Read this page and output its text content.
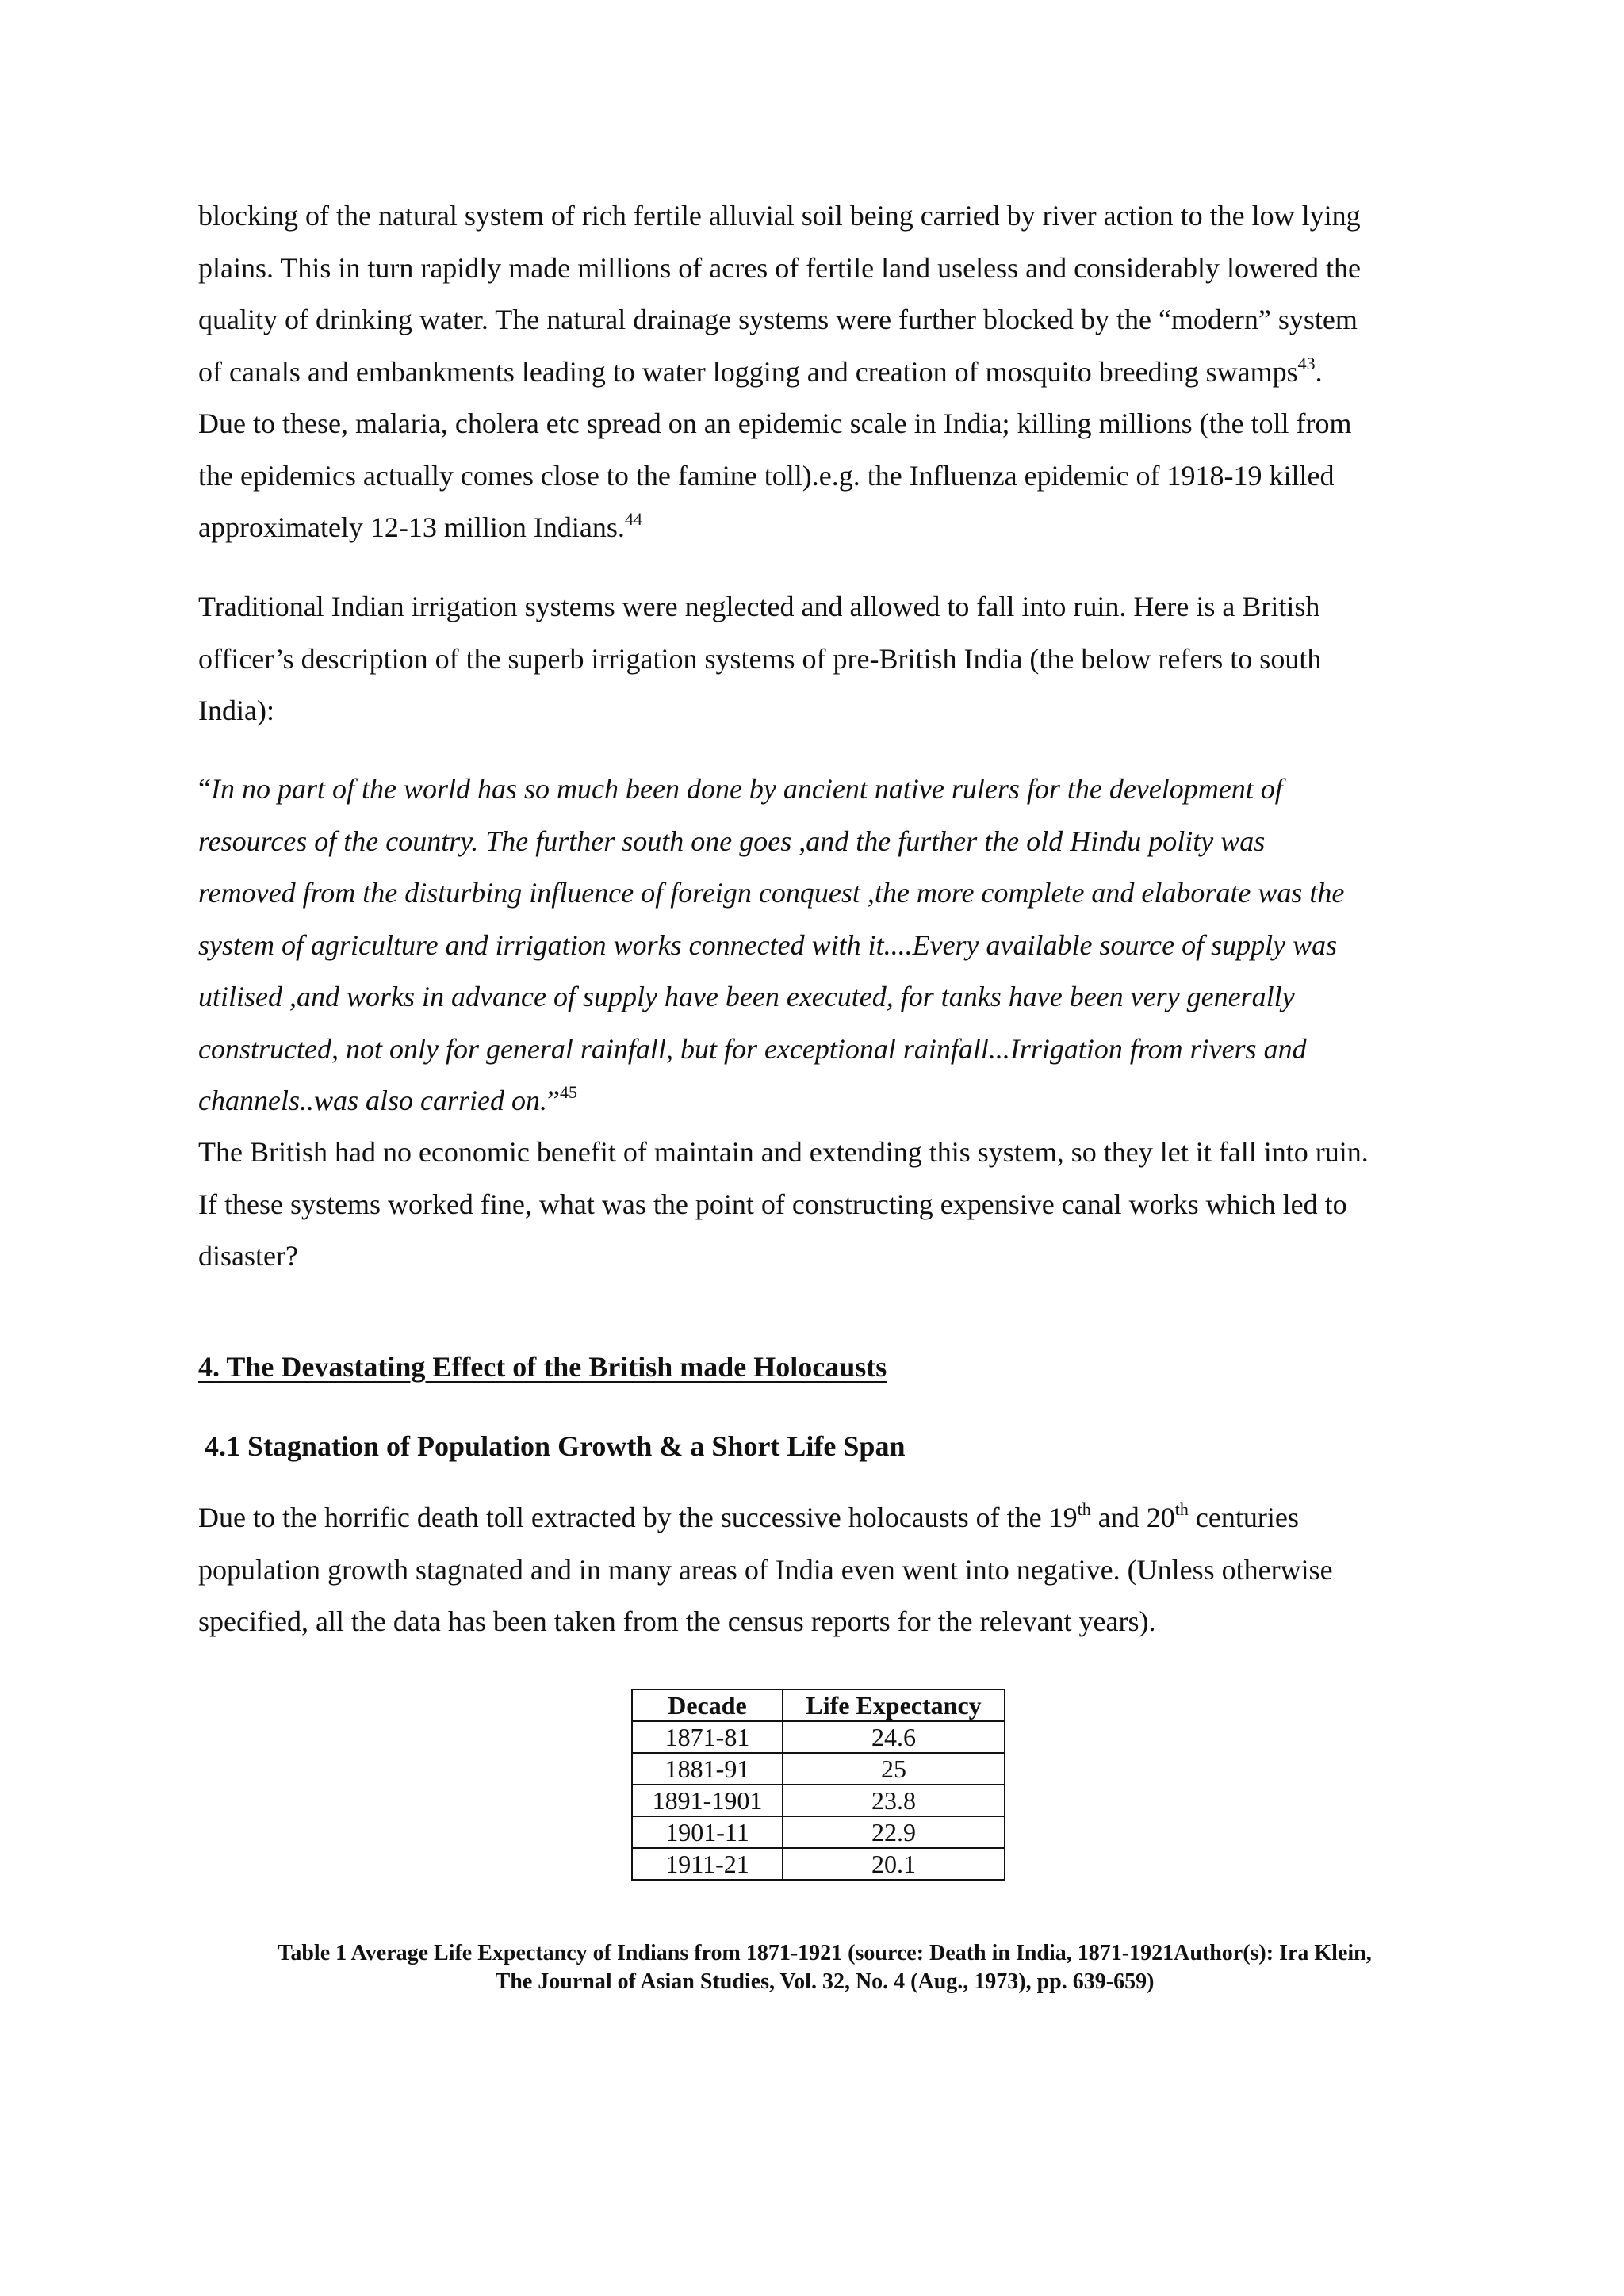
blocking of the natural system of rich fertile alluvial soil being carried by river action to the low lying
plains. This in turn rapidly made millions of acres of fertile land useless and considerably lowered the
quality of drinking water. The natural drainage systems were further blocked by the “modern” system
of canals and embankments leading to water logging and creation of mosquito breeding swamps$^{43}$.
Due to these, malaria, cholera etc spread on an epidemic scale in India; killing millions (the toll from
the epidemics actually comes close to the famine toll).e.g. the Influenza epidemic of 1918-19 killed
approximately 12-13 million Indians.$^{44}$
Traditional Indian irrigation systems were neglected and allowed to fall into ruin. Here is a British
officer’s description of the superb irrigation systems of pre-British India (the below refers to south
India):
“In no part of the world has so much been done by ancient native rulers for the development of
resources of the country. The further south one goes ,and the further the old Hindu polity was
removed from the disturbing influence of foreign conquest ,the more complete and elaborate was the
system of agriculture and irrigation works connected with it....Every available source of supply was
utilised ,and works in advance of supply have been executed, for tanks have been very generally
constructed, not only for general rainfall, but for exceptional rainfall...Irrigation from rivers and
channels..was also carried on.”$^{45}$
The British had no economic benefit of maintain and extending this system, so they let it fall into ruin.
If these systems worked fine, what was the point of constructing expensive canal works which led to
disaster?
4. The Devastating Effect of the British made Holocausts
4.1 Stagnation of Population Growth & a Short Life Span
Due to the horrific death toll extracted by the successive holocausts of the 19th and 20th centuries
population growth stagnated and in many areas of India even went into negative. (Unless otherwise
specified, all the data has been taken from the census reports for the relevant years).
Decade	Life Expectancy
1871-81	24.6
1881-91	25
1891-1901	23.8
1901-11	22.9
1911-21	20.1
Table 1 Average Life Expectancy of Indians from 1871-1921 (source: Death in India, 1871-1921Author(s): Ira Klein,
The Journal of Asian Studies, Vol. 32, No. 4 (Aug., 1973), pp. 639-659)
